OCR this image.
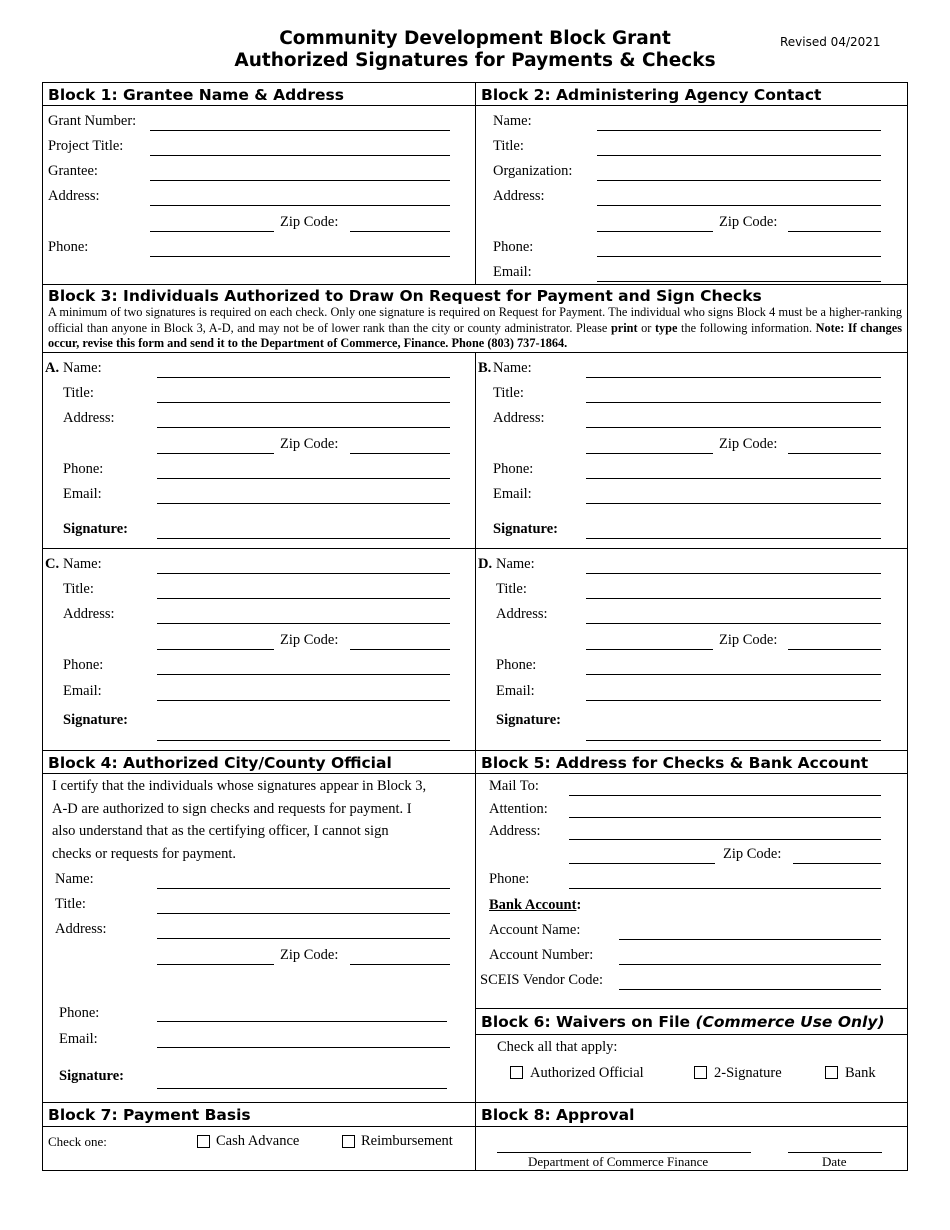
Community Development Block Grant
Authorized Signatures for Payments & Checks
Revised 04/2021
Block 1: Grantee Name & Address
Grant Number:
Project Title:
Grantee:
Address:
Zip Code:
Phone:
Block 2: Administering Agency Contact
Name:
Title:
Organization:
Address:
Zip Code:
Phone:
Email:
Block 3: Individuals Authorized to Draw On Request for Payment and Sign Checks
A minimum of two signatures is required on each check. Only one signature is required on Request for Payment. The individual who signs Block 4 must be a higher-ranking official than anyone in Block 3, A-D, and may not be of lower rank than the city or county administrator. Please print or type the following information. Note: If changes occur, revise this form and send it to the Department of Commerce, Finance. Phone (803) 737-1864.
A. Name:
Title:
Address:
Zip Code:
Phone:
Email:
Signature:
B. Name:
Title:
Address:
Zip Code:
Phone:
Email:
Signature:
C. Name:
Title:
Address:
Zip Code:
Phone:
Email:
Signature:
D. Name:
Title:
Address:
Zip Code:
Phone:
Email:
Signature:
Block 4: Authorized City/County Official
I certify that the individuals whose signatures appear in Block 3,
A-D are authorized to sign checks and requests for payment. I
also understand that as the certifying officer, I cannot sign
checks or requests for payment.
Name:
Title:
Address:
Zip Code:
Phone:
Email:
Signature:
Block 5: Address for Checks & Bank Account
Mail To:
Attention:
Address:
Zip Code:
Phone:
Bank Account:
Account Name:
Account Number:
SCEIS Vendor Code:
Block 6: Waivers on File (Commerce Use Only)
Check all that apply:
Authorized Official	2-Signature	Bank
Block 7: Payment Basis
Check one:	Cash Advance	Reimbursement
Block 8: Approval
Department of Commerce Finance	Date
